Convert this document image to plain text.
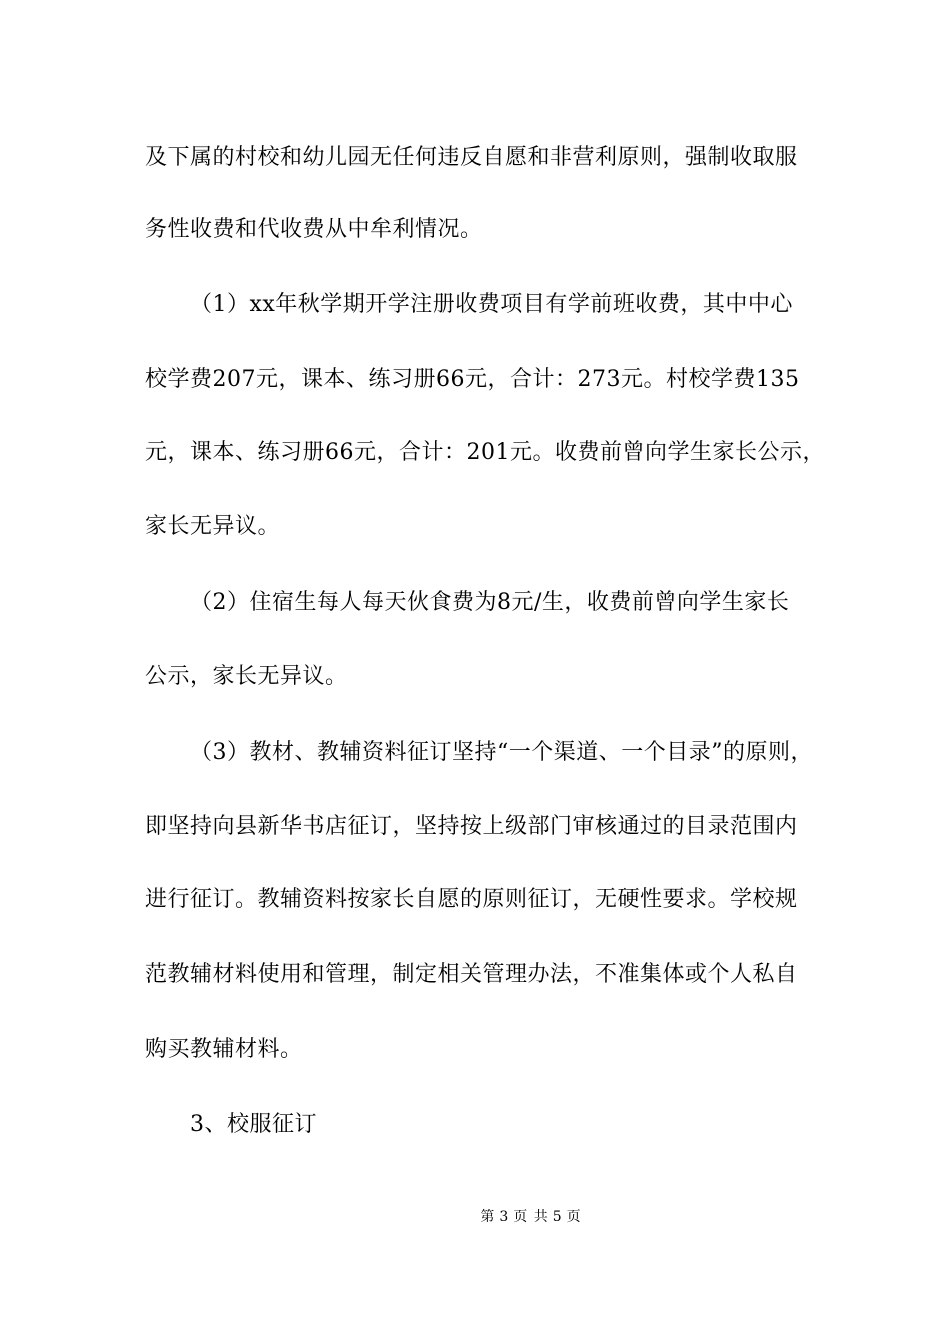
及下属的村校和幼儿园无任何违反自愿和非营利原则，强制收取服
务性收费和代收费从中牟利情况。
（1）xx年秋学期开学注册收费项目有学前班收费，其中中心
校学费207元，课本、练习册66元，合计：273元。村校学费135
元，课本、练习册66元，合计：201元。收费前曾向学生家长公示，
家长无异议。
（2）住宿生每人每天伙食费为8元/生，收费前曾向学生家长
公示，家长无异议。
（3）教材、教辅资料征订坚持“一个渠道、一个目录”的原则，
即坚持向县新华书店征订，坚持按上级部门审核通过的目录范围内
进行征订。教辅资料按家长自愿的原则征订，无硬性要求。学校规
范教辅材料使用和管理，制定相关管理办法，不准集体或个人私自
购买教辅材料。
3、校服征订
第 3 页 共 5 页
